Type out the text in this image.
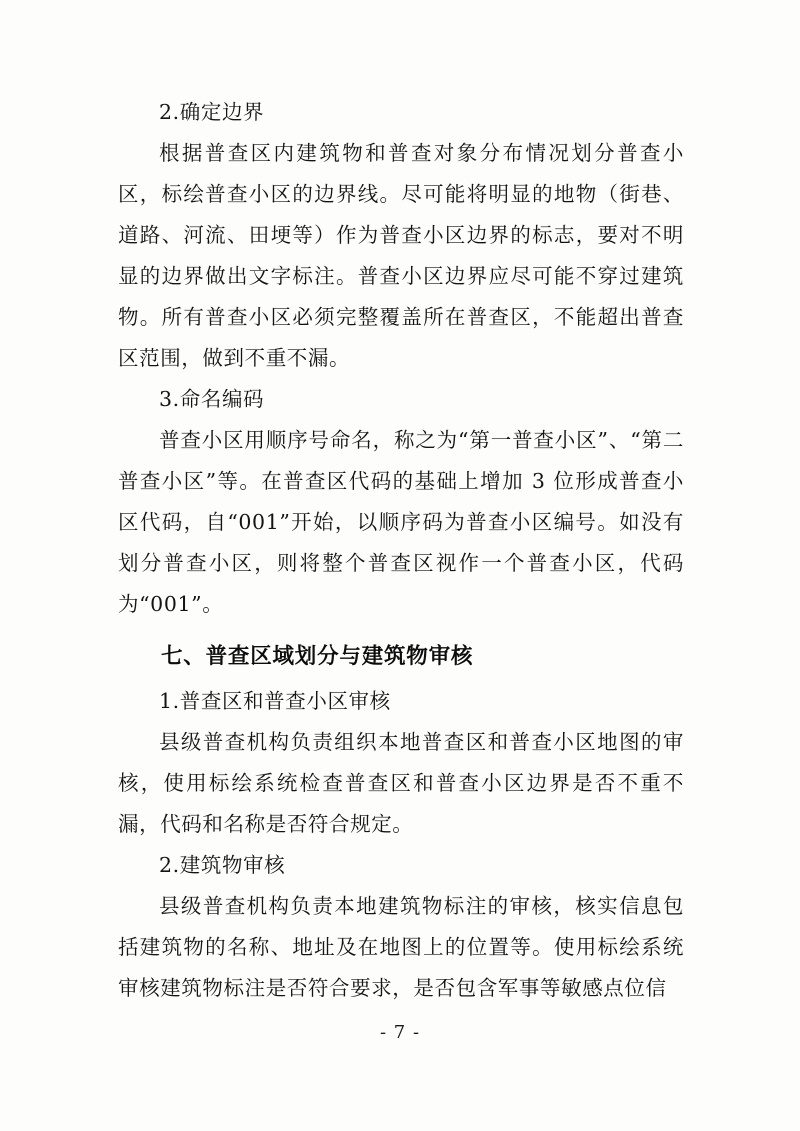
2.确定边界

根据普查区内建筑物和普查对象分布情况划分普查小区，标绘普查小区的边界线。尽可能将明显的地物（街巷、道路、河流、田埂等）作为普查小区边界的标志，要对不明显的边界做出文字标注。普查小区边界应尽可能不穿过建筑物。所有普查小区必须完整覆盖所在普查区，不能超出普查区范围，做到不重不漏。

3.命名编码

普查小区用顺序号命名，称之为“第一普查小区”、“第二普查小区”等。在普查区代码的基础上增加 3 位形成普查小区代码，自“001”开始，以顺序码为普查小区编号。如没有划分普查小区，则将整个普查区视作一个普查小区，代码为“001”。

七、普查区域划分与建筑物审核

1.普查区和普查小区审核

县级普查机构负责组织本地普查区和普查小区地图的审核，使用标绘系统检查普查区和普查小区边界是否不重不漏，代码和名称是否符合规定。

2.建筑物审核

县级普查机构负责本地建筑物标注的审核，核实信息包括建筑物的名称、地址及在地图上的位置等。使用标绘系统审核建筑物标注是否符合要求，是否包含军事等敏感点位信

- 7 -
